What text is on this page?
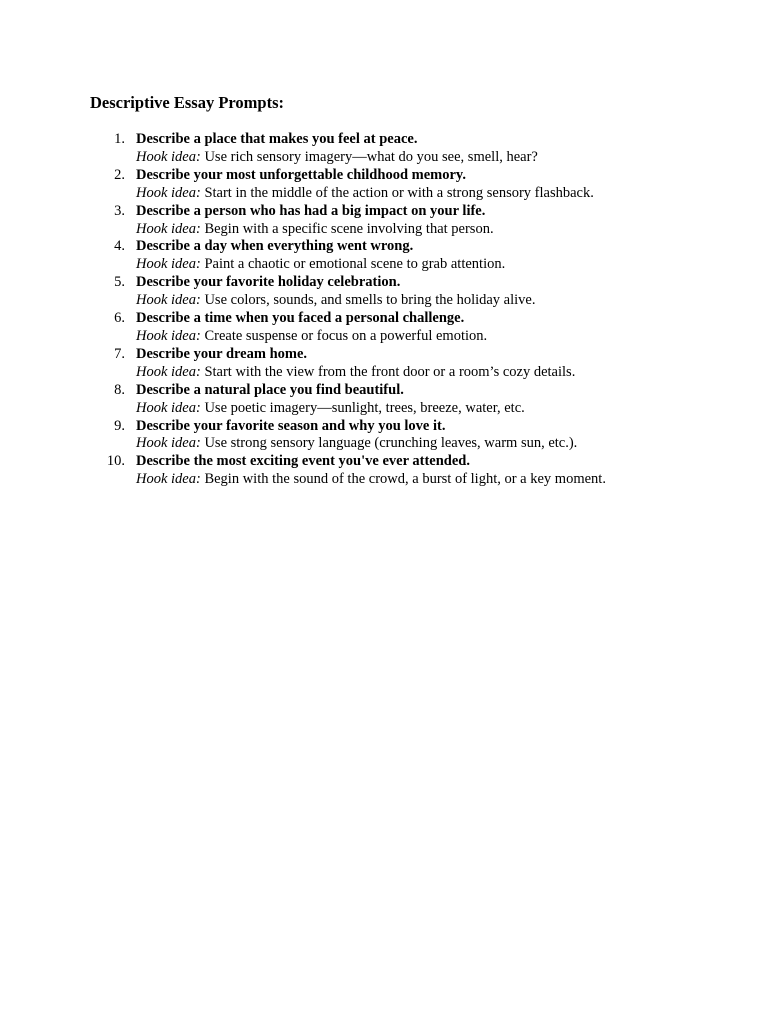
Descriptive Essay Prompts:
1. Describe a place that makes you feel at peace.
Hook idea: Use rich sensory imagery—what do you see, smell, hear?
2. Describe your most unforgettable childhood memory.
Hook idea: Start in the middle of the action or with a strong sensory flashback.
3. Describe a person who has had a big impact on your life.
Hook idea: Begin with a specific scene involving that person.
4. Describe a day when everything went wrong.
Hook idea: Paint a chaotic or emotional scene to grab attention.
5. Describe your favorite holiday celebration.
Hook idea: Use colors, sounds, and smells to bring the holiday alive.
6. Describe a time when you faced a personal challenge.
Hook idea: Create suspense or focus on a powerful emotion.
7. Describe your dream home.
Hook idea: Start with the view from the front door or a room’s cozy details.
8. Describe a natural place you find beautiful.
Hook idea: Use poetic imagery—sunlight, trees, breeze, water, etc.
9. Describe your favorite season and why you love it.
Hook idea: Use strong sensory language (crunching leaves, warm sun, etc.).
10. Describe the most exciting event you've ever attended.
Hook idea: Begin with the sound of the crowd, a burst of light, or a key moment.
